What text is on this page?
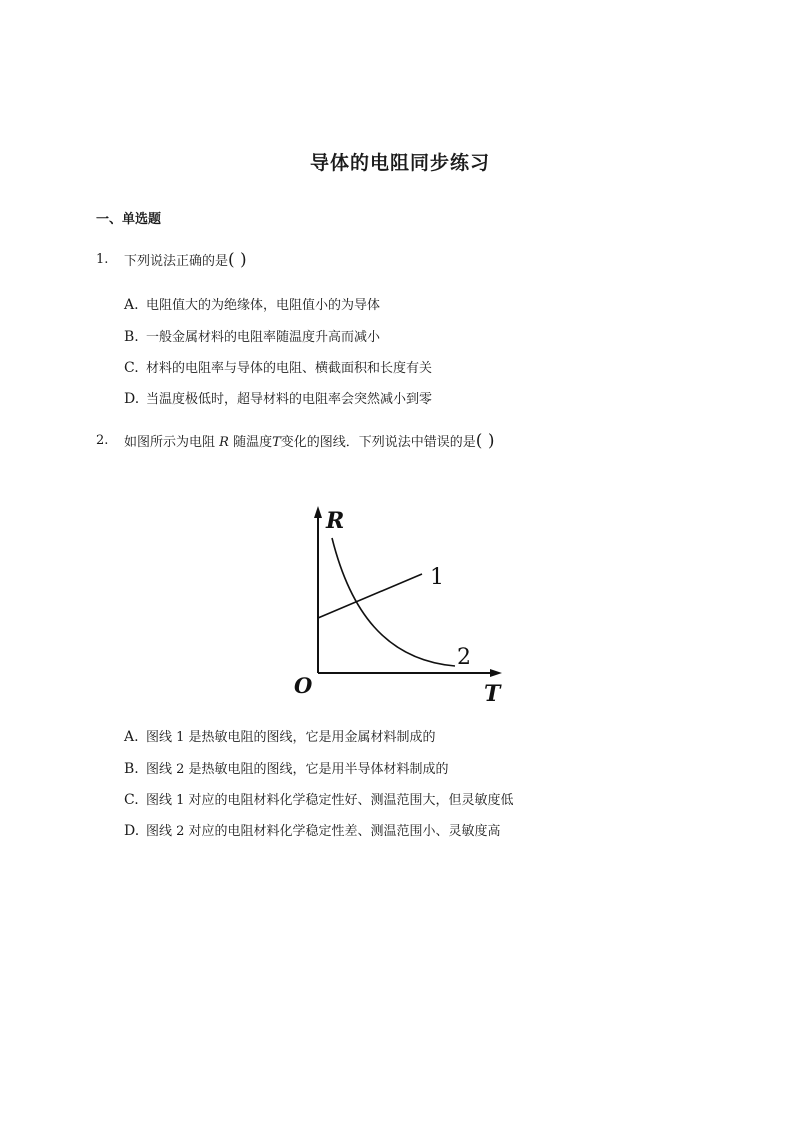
导体的电阻同步练习
一、单选题
1. 下列说法正确的是( )
A. 电阻值大的为绝缘体，电阻值小的为导体
B. 一般金属材料的电阻率随温度升高而减小
C. 材料的电阻率与导体的电阻、横截面积和长度有关
D. 当温度极低时，超导材料的电阻率会突然减小到零
2. 如图所示为电阻 R 随温度T变化的图线．下列说法中错误的是( )
R
T
O
1
2
A. 图线 1 是热敏电阻的图线，它是用金属材料制成的
B. 图线 2 是热敏电阻的图线，它是用半导体材料制成的
C. 图线 1 对应的电阻材料化学稳定性好、测温范围大，但灵敏度低
D. 图线 2 对应的电阻材料化学稳定性差、测温范围小、灵敏度高
